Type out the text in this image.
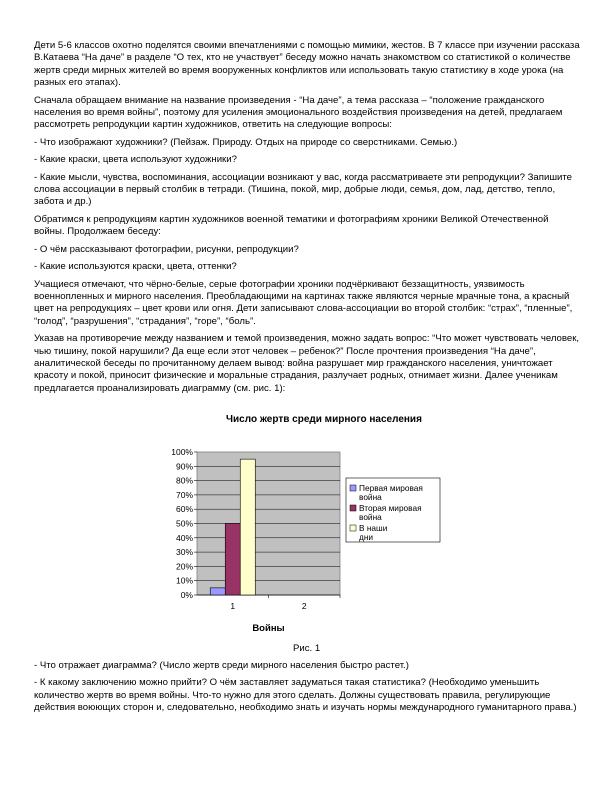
Дети 5-6 классов охотно поделятся своими впечатлениями с помощью мимики, жестов. В 7 классе при изучении рассказа В.Катаева “На даче” в разделе “О тех, кто не участвует” беседу можно начать знакомством со статистикой о количестве жертв среди мирных жителей во время вооруженных конфликтов или использовать такую статистику в ходе урока (на разных его этапах).

Сначала обращаем внимание на название произведения - “На даче”, а тема рассказа – “положение гражданского населения во время войны”, поэтому для усиления эмоционального воздействия произведения на детей, предлагаем рассмотреть репродукции картин художников, ответить на следующие вопросы:

- Что изображают художники? (Пейзаж. Природу. Отдых на природе со сверстниками. Семью.)

- Какие краски, цвета используют художники?

- Какие мысли, чувства, воспоминания, ассоциации возникают у вас, когда рассматриваете эти репродукции? Запишите слова ассоциации в первый столбик в тетради. (Тишина, покой, мир, добрые люди, семья, дом, лад, детство, тепло, забота и др.)

Обратимся к репродукциям картин художников военной тематики и фотографиям хроники Великой Отечественной войны. Продолжаем беседу:

- О чём рассказывают фотографии, рисунки, репродукции?

- Какие используются краски, цвета, оттенки?

Учащиеся отмечают, что чёрно-белые, серые фотографии хроники подчёркивают беззащитность, уязвимость военнопленных и мирного населения. Преобладающими на картинах также являются черные мрачные тона, а красный цвет на репродукциях – цвет крови или огня. Дети записывают слова-ассоциации во второй столбик: “страх”, “пленные”, “голод”, “разрушения”, “страдания”, “горе”, “боль”.

Указав на противоречие между названием и темой произведения, можно задать вопрос: “Что может чувствовать человек, чью тишину, покой нарушили? Да еще если этот человек – ребенок?” После прочтения произведения “На даче”, аналитической беседы по прочитанному делаем вывод: война разрушает мир гражданского населения, уничтожает красоту и покой, приносит физические и моральные страдания, разлучает родных, отнимает жизни. Далее ученикам предлагается проанализировать диаграмму (см. рис. 1):

Число жертв среди мирного населения
0%
10%
20%
30%
40%
50%
60%
70%
80%
90%
100%
1	2
Войны
Первая мировая война
Вторая мировая война
В наши дни
Рис. 1

- Что отражает диаграмма? (Число жертв среди мирного населения быстро растет.)

- К какому заключению можно прийти? О чём заставляет задуматься такая статистика? (Необходимо уменьшить количество жертв во время войны. Что-то нужно для этого сделать. Должны существовать правила, регулирующие действия воюющих сторон и, следовательно, необходимо знать и изучать нормы международного гуманитарного права.)
